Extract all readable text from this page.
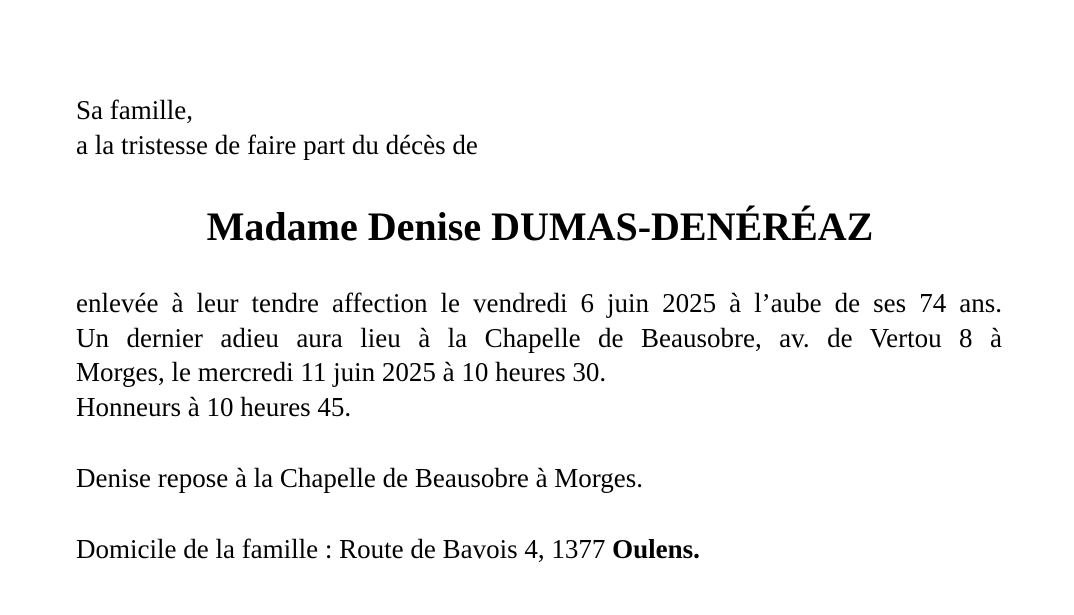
Sa famille,
a la tristesse de faire part du décès de

Madame Denise DUMAS-DENÉRÉAZ

enlevée à leur tendre affection le vendredi 6 juin 2025 à l’aube de ses 74 ans.
Un dernier adieu aura lieu à la Chapelle de Beausobre, av. de Vertou 8 à
Morges, le mercredi 11 juin 2025 à 10 heures 30.
Honneurs à 10 heures 45.

Denise repose à la Chapelle de Beausobre à Morges.

Domicile de la famille : Route de Bavois 4, 1377 Oulens.
